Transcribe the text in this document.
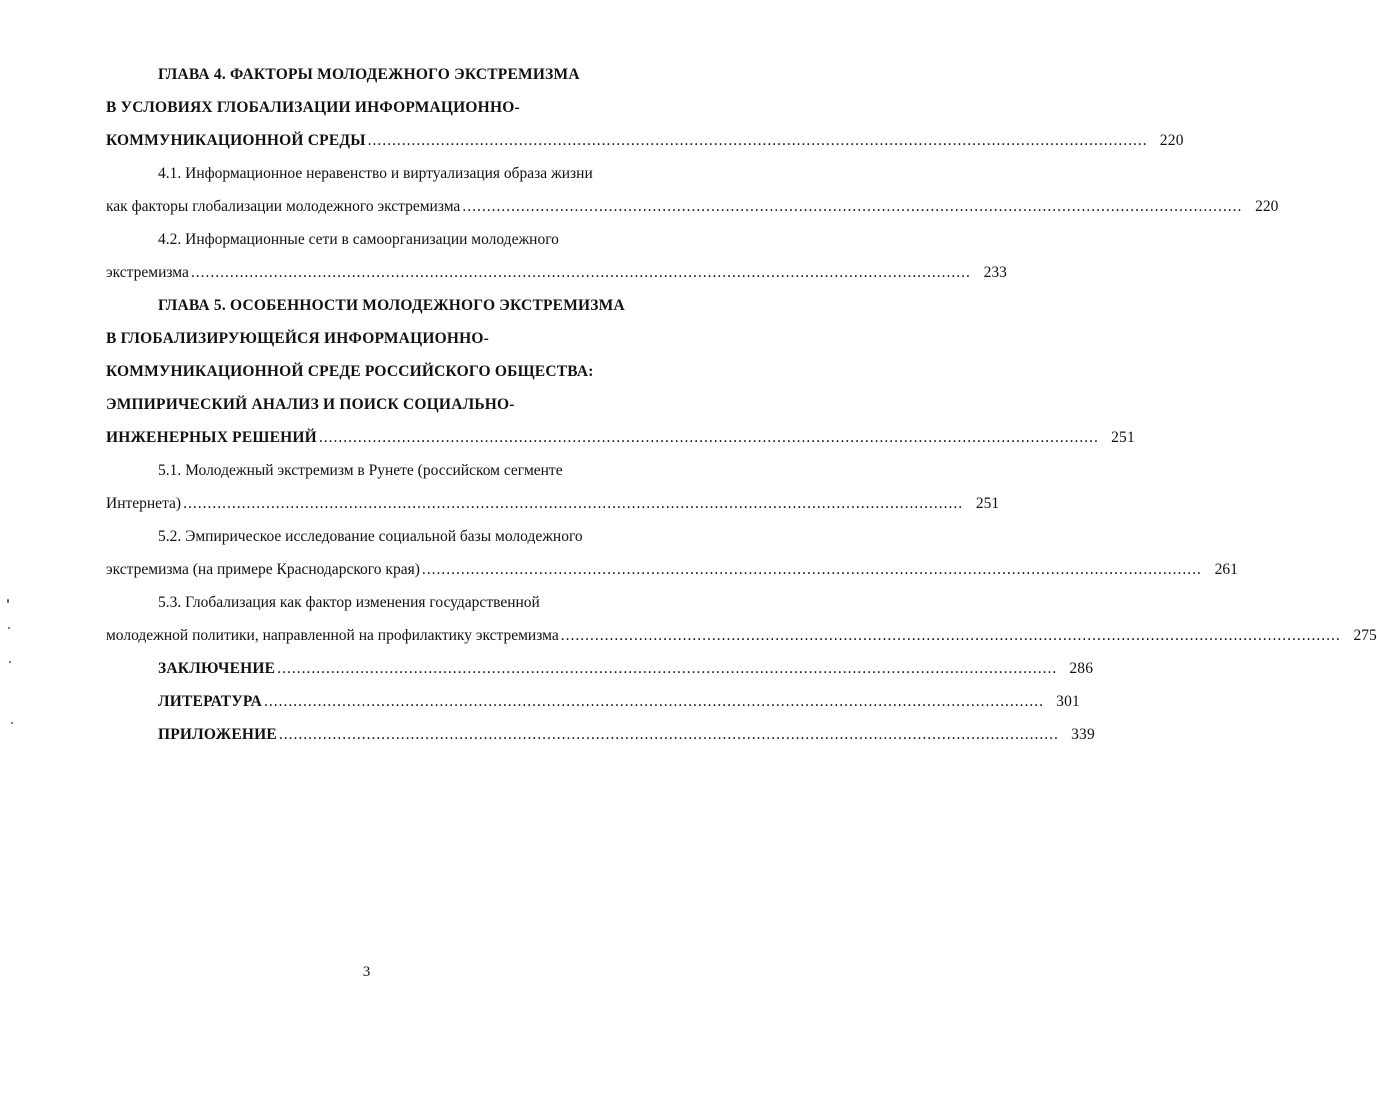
ГЛАВА 4. ФАКТОРЫ МОЛОДЕЖНОГО ЭКСТРЕМИЗМА
В УСЛОВИЯХ ГЛОБАЛИЗАЦИИ ИНФОРМАЦИОННО-
КОММУНИКАЦИОННОЙ СРЕДЫ ................................................................................................................................................................ 220
4.1. Информационное неравенство и виртуализация образа жизни
как факторы глобализации молодежного экстремизма ................................................................................................................................................................ 220
4.2. Информационные сети в самоорганизации молодежного
экстремизма ................................................................................................................................................................ 233
ГЛАВА 5. ОСОБЕННОСТИ МОЛОДЕЖНОГО ЭКСТРЕМИЗМА
В ГЛОБАЛИЗИРУЮЩЕЙСЯ ИНФОРМАЦИОННО-
КОММУНИКАЦИОННОЙ СРЕДЕ РОССИЙСКОГО ОБЩЕСТВА:
ЭМПИРИЧЕСКИЙ АНАЛИЗ И ПОИСК СОЦИАЛЬНО-
ИНЖЕНЕРНЫХ РЕШЕНИЙ ................................................................................................................................................................ 251
5.1. Молодежный экстремизм в Рунете (российском сегменте
Интернета) ................................................................................................................................................................ 251
5.2. Эмпирическое исследование социальной базы молодежного
экстремизма (на примере Краснодарского края) ................................................................................................................................................................ 261
5.3. Глобализация как фактор изменения государственной
молодежной политики, направленной на профилактику экстремизма ................................................................................................................................................................ 275
ЗАКЛЮЧЕНИЕ ................................................................................................................................................................ 286
ЛИТЕРАТУРА ................................................................................................................................................................ 301
ПРИЛОЖЕНИЕ ................................................................................................................................................................ 339
3
